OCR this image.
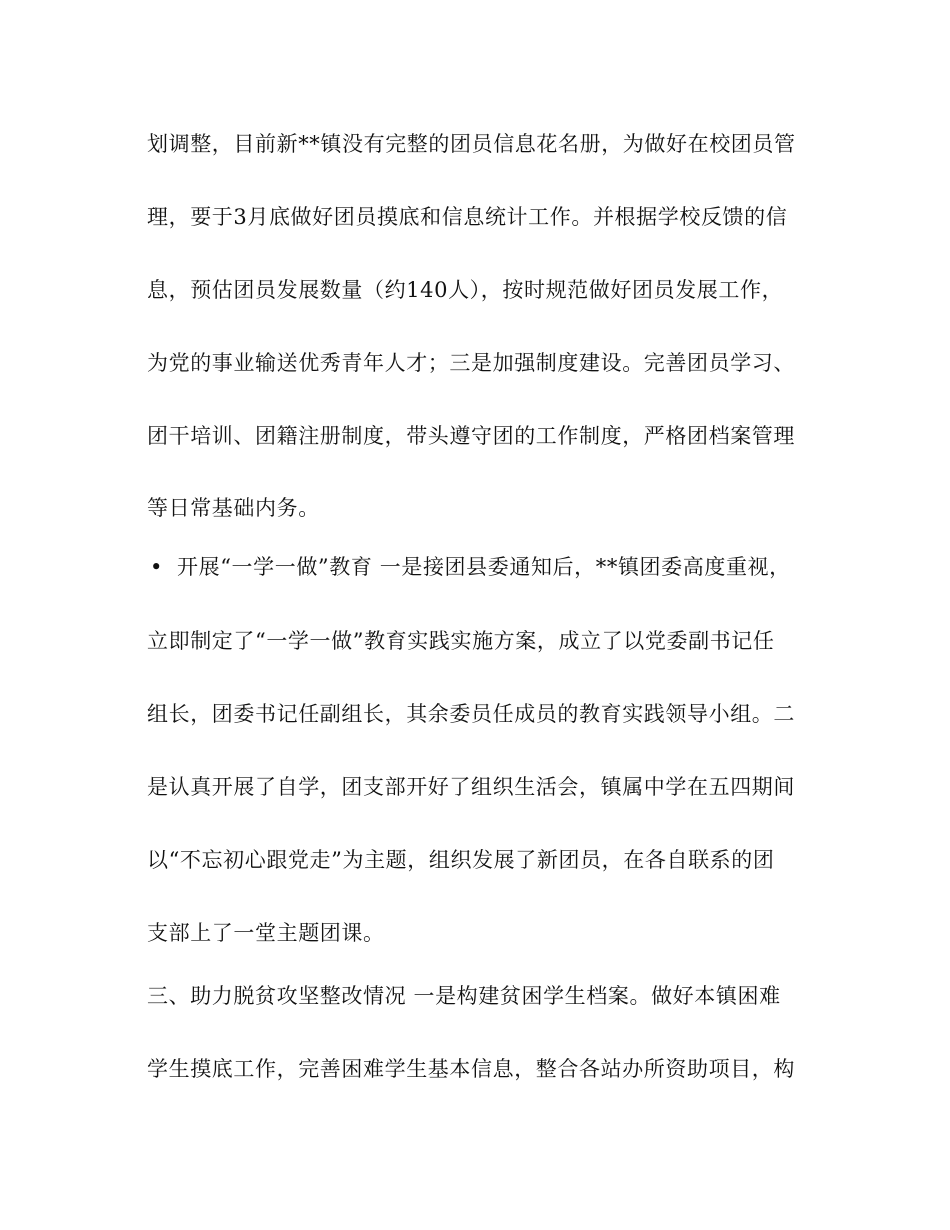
划调整，目前新**镇没有完整的团员信息花名册，为做好在校团员管
理，要于3月底做好团员摸底和信息统计工作。并根据学校反馈的信
息，预估团员发展数量（约140人），按时规范做好团员发展工作，
为党的事业输送优秀青年人才；三是加强制度建设。完善团员学习、
团干培训、团籍注册制度，带头遵守团的工作制度，严格团档案管理
等日常基础内务。
• 开展“一学一做”教育 一是接团县委通知后，**镇团委高度重视，
立即制定了“一学一做”教育实践实施方案，成立了以党委副书记任
组长，团委书记任副组长，其余委员任成员的教育实践领导小组。二
是认真开展了自学，团支部开好了组织生活会，镇属中学在五四期间
以“不忘初心跟党走”为主题，组织发展了新团员，在各自联系的团
支部上了一堂主题团课。
三、助力脱贫攻坚整改情况 一是构建贫困学生档案。做好本镇困难
学生摸底工作，完善困难学生基本信息，整合各站办所资助项目，构
